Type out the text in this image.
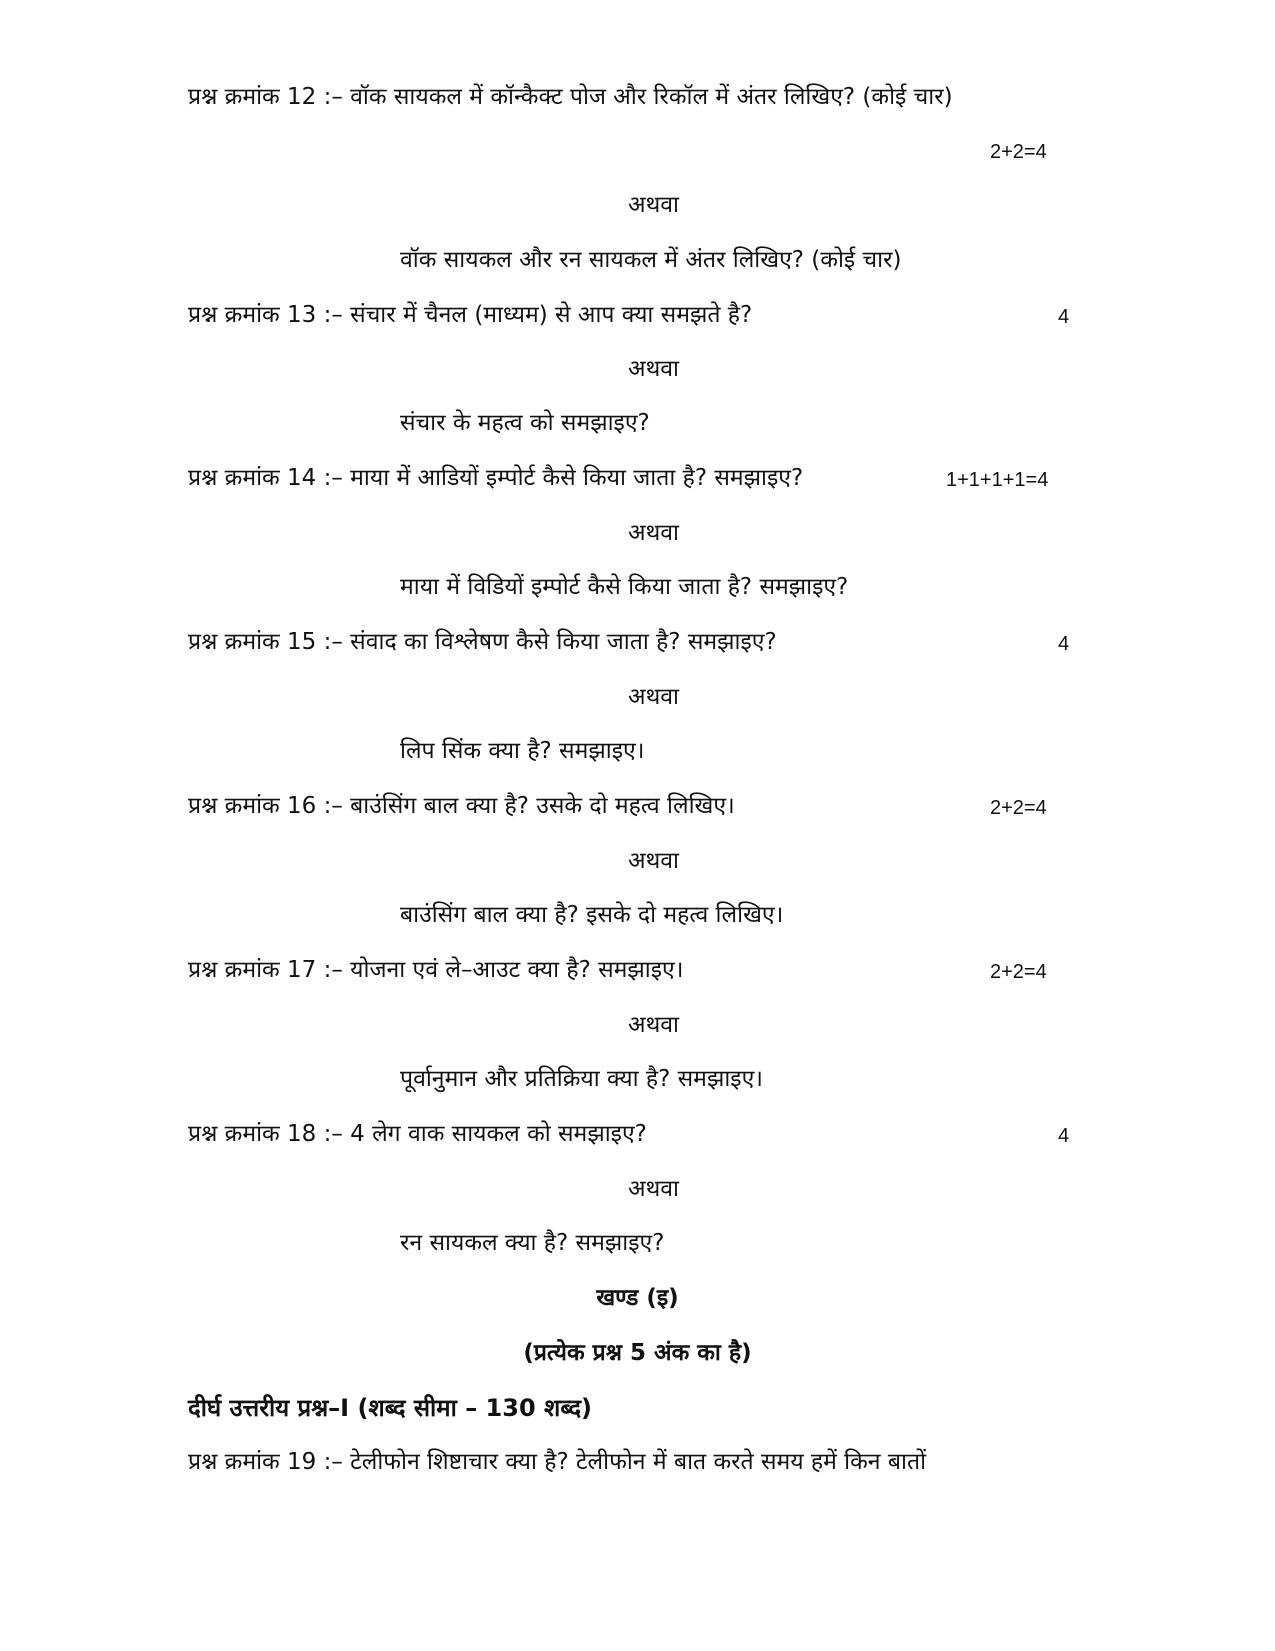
प्रश्न क्रमांक 12 :– वॉक सायकल में कॉन्कैक्ट पोज और रिकॉल में अंतर लिखिए? (कोई चार)
2+2=4
अथवा
वॉक सायकल और रन सायकल में अंतर लिखिए? (कोई चार)
प्रश्न क्रमांक 13 :– संचार में चैनल (माध्यम) से आप क्या समझते है?	4
अथवा
संचार के महत्व को समझाइए?
प्रश्न क्रमांक 14 :– माया में आडियों इम्पोर्ट कैसे किया जाता है? समझाइए?	1+1+1+1=4
अथवा
माया में विडियों इम्पोर्ट कैसे किया जाता है? समझाइए?
प्रश्न क्रमांक 15 :– संवाद का विश्लेषण कैसे किया जाता है? समझाइए?	4
अथवा
लिप सिंक क्या है? समझाइए।
प्रश्न क्रमांक 16 :– बाउंसिंग बाल क्या है? उसके दो महत्व लिखिए।	2+2=4
अथवा
बाउंसिंग बाल क्या है? इसके दो महत्व लिखिए।
प्रश्न क्रमांक 17 :– योजना एवं ले–आउट क्या है? समझाइए।	2+2=4
अथवा
पूर्वानुमान और प्रतिक्रिया क्या है? समझाइए।
प्रश्न क्रमांक 18 :– 4 लेग वाक सायकल को समझाइए?	4
अथवा
रन सायकल क्या है? समझाइए?
खण्ड (इ)
(प्रत्येक प्रश्न 5 अंक का है)
दीर्घ उत्तरीय प्रश्न–I (शब्द सीमा – 130 शब्द)
प्रश्न क्रमांक 19 :– टेलीफोन शिष्टाचार क्या है? टेलीफोन में बात करते समय हमें किन बातों
